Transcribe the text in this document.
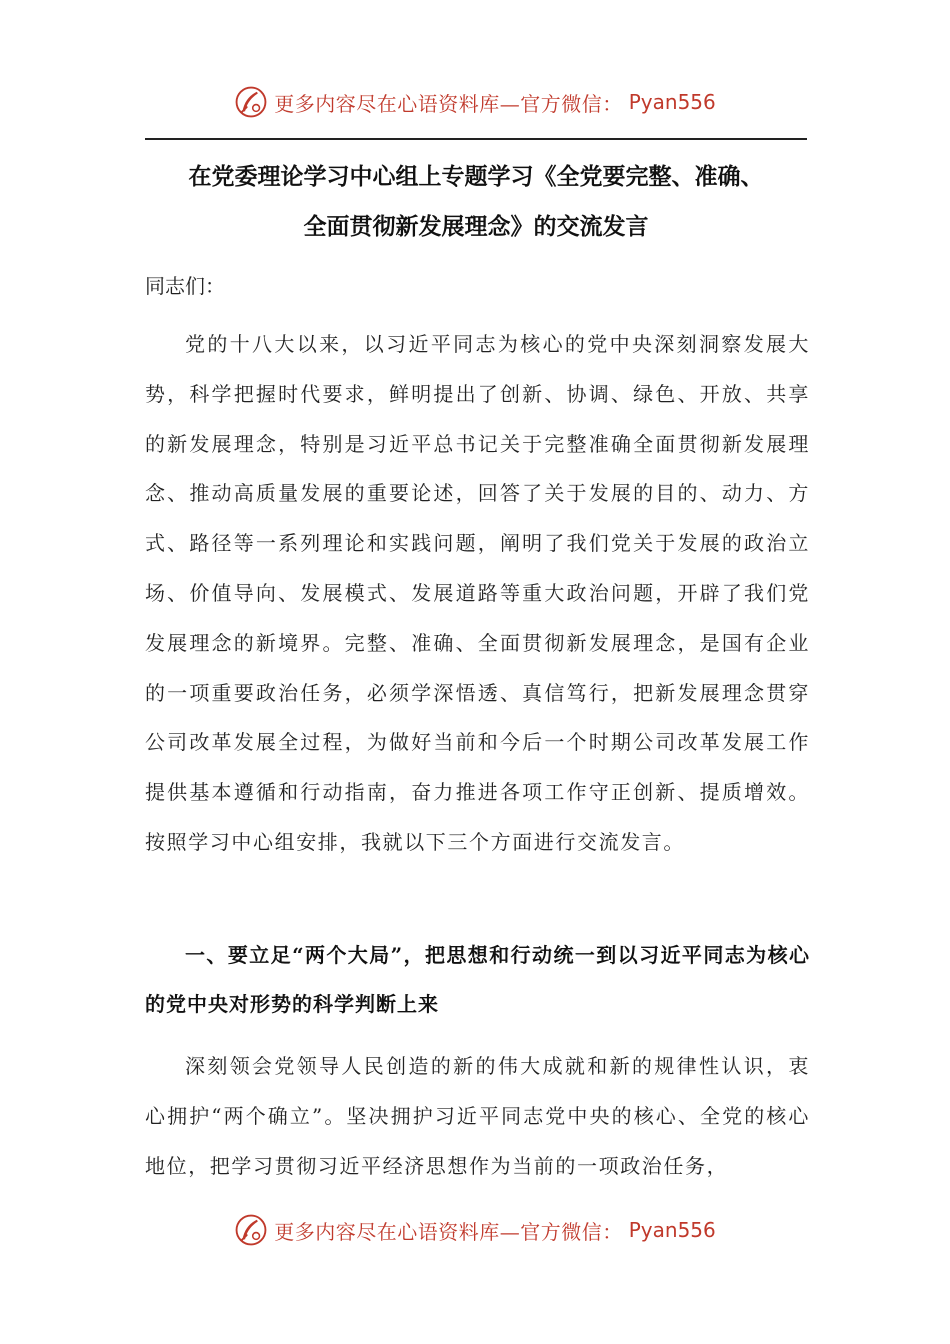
更多内容尽在心语资料库—官方微信： Pyan556
在党委理论学习中心组上专题学习《全党要完整、准确、
全面贯彻新发展理念》的交流发言
同志们：

党的十八大以来，以习近平同志为核心的党中央深刻洞察发展大势，科学把握时代要求，鲜明提出了创新、协调、绿色、开放、共享的新发展理念，特别是习近平总书记关于完整准确全面贯彻新发展理念、推动高质量发展的重要论述，回答了关于发展的目的、动力、方式、路径等一系列理论和实践问题，阐明了我们党关于发展的政治立场、价值导向、发展模式、发展道路等重大政治问题，开辟了我们党发展理念的新境界。完整、准确、全面贯彻新发展理念，是国有企业的一项重要政治任务，必须学深悟透、真信笃行，把新发展理念贯穿公司改革发展全过程，为做好当前和今后一个时期公司改革发展工作提供基本遵循和行动指南，奋力推进各项工作守正创新、提质增效。按照学习中心组安排，我就以下三个方面进行交流发言。

一、要立足“两个大局”，把思想和行动统一到以习近平同志为核心的党中央对形势的科学判断上来

深刻领会党领导人民创造的新的伟大成就和新的规律性认识，衷心拥护“两个确立”。坚决拥护习近平同志党中央的核心、全党的核心地位，把学习贯彻习近平经济思想作为当前的一项政治任务，

更多内容尽在心语资料库—官方微信： Pyan556
